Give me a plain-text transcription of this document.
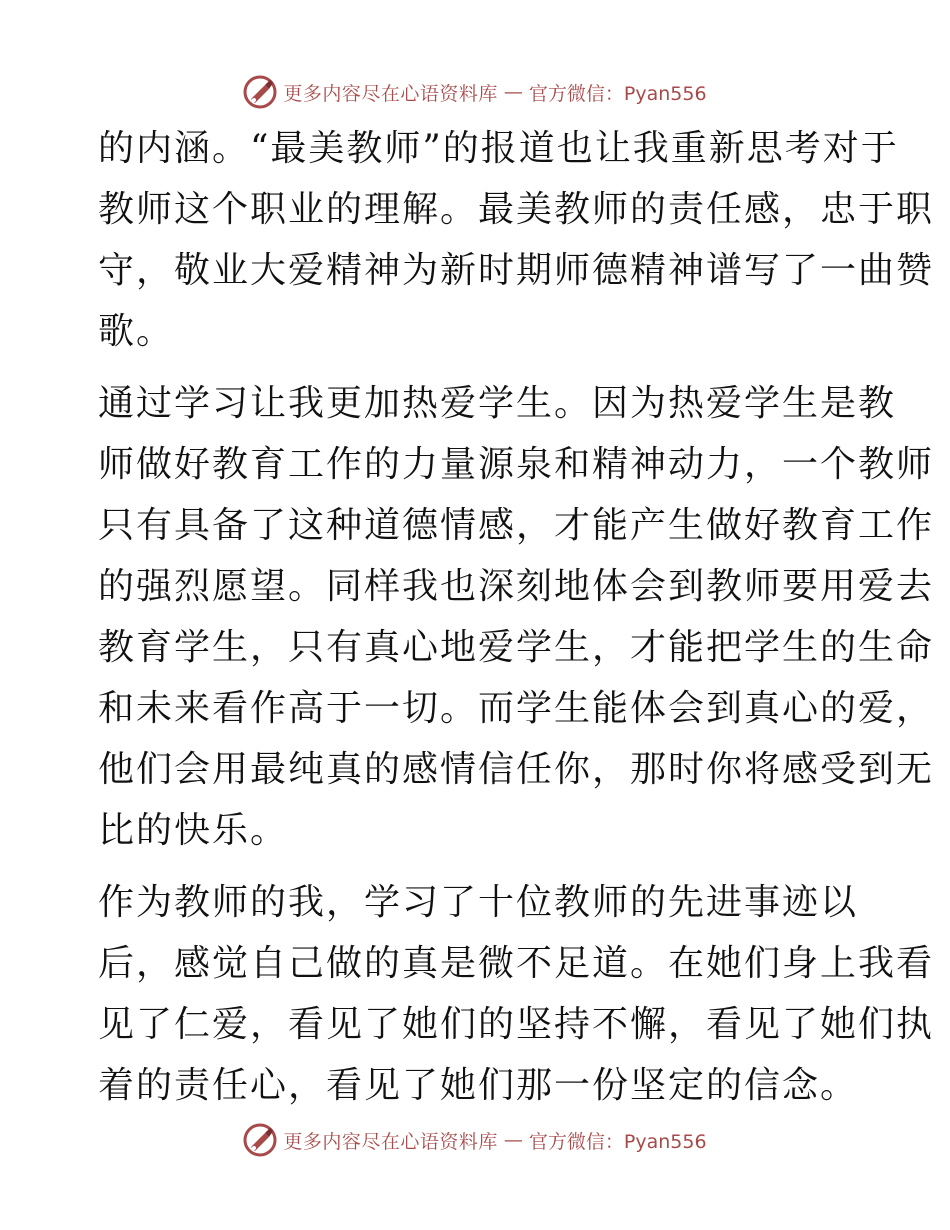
更多内容尽在心语资料库 — 官方微信：Pyan556
的内涵。“最美教师”的报道也让我重新思考对于
教师这个职业的理解。最美教师的责任感，忠于职
守，敬业大爱精神为新时期师德精神谱写了一曲赞
歌。
通过学习让我更加热爱学生。因为热爱学生是教
师做好教育工作的力量源泉和精神动力，一个教师
只有具备了这种道德情感，才能产生做好教育工作
的强烈愿望。同样我也深刻地体会到教师要用爱去
教育学生，只有真心地爱学生，才能把学生的生命
和未来看作高于一切。而学生能体会到真心的爱，
他们会用最纯真的感情信任你，那时你将感受到无
比的快乐。
作为教师的我，学习了十位教师的先进事迹以
后，感觉自己做的真是微不足道。在她们身上我看
见了仁爱，看见了她们的坚持不懈，看见了她们执
着的责任心，看见了她们那一份坚定的信念。
更多内容尽在心语资料库 — 官方微信：Pyan556
